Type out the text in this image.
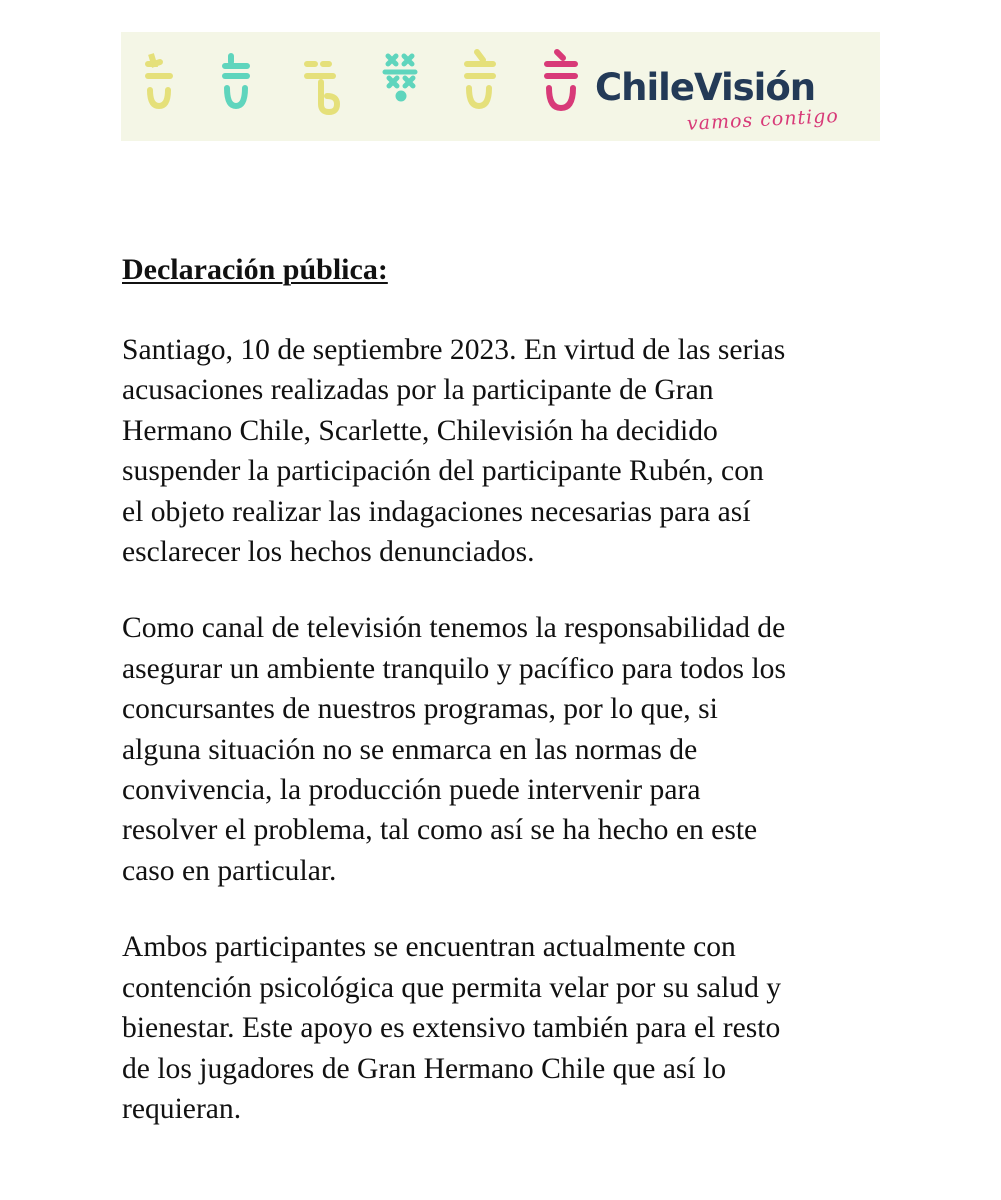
ChileVisión
vamos contigo
Declaración pública:

Santiago, 10 de septiembre 2023. En virtud de las serias
acusaciones realizadas por la participante de Gran
Hermano Chile, Scarlette, Chilevisión ha decidido
suspender la participación del participante Rubén, con
el objeto realizar las indagaciones necesarias para así
esclarecer los hechos denunciados.

Como canal de televisión tenemos la responsabilidad de
asegurar un ambiente tranquilo y pacífico para todos los
concursantes de nuestros programas, por lo que, si
alguna situación no se enmarca en las normas de
convivencia, la producción puede intervenir para
resolver el problema, tal como así se ha hecho en este
caso en particular.

Ambos participantes se encuentran actualmente con
contención psicológica que permita velar por su salud y
bienestar. Este apoyo es extensivo también para el resto
de los jugadores de Gran Hermano Chile que así lo
requieran.
